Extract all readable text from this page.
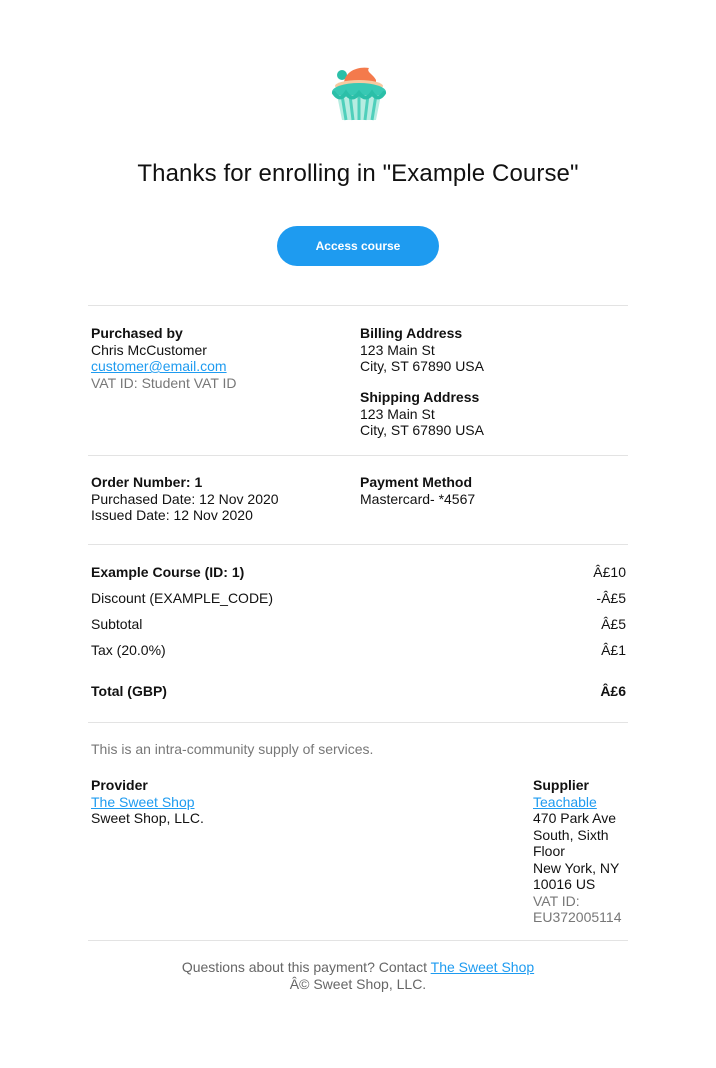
Thanks for enrolling in "Example Course"
Access course
Purchased by
Chris McCustomer
customer@email.com
VAT ID: Student VAT ID
Billing Address
123 Main St
City, ST 67890 USA
Shipping Address
123 Main St
City, ST 67890 USA
Order Number: 1
Purchased Date: 12 Nov 2020
Issued Date: 12 Nov 2020
Payment Method
Mastercard- *4567
Example Course (ID: 1)	Â£10
Discount (EXAMPLE_CODE)	-Â£5
Subtotal	Â£5
Tax (20.0%)	Â£1
Total (GBP)	Â£6
This is an intra-community supply of services.
Provider
The Sweet Shop
Sweet Shop, LLC.
Supplier
Teachable
470 Park Ave
South, Sixth
Floor
New York, NY
10016 US
VAT ID:
EU372005114
Questions about this payment? Contact The Sweet Shop
Â© Sweet Shop, LLC.
